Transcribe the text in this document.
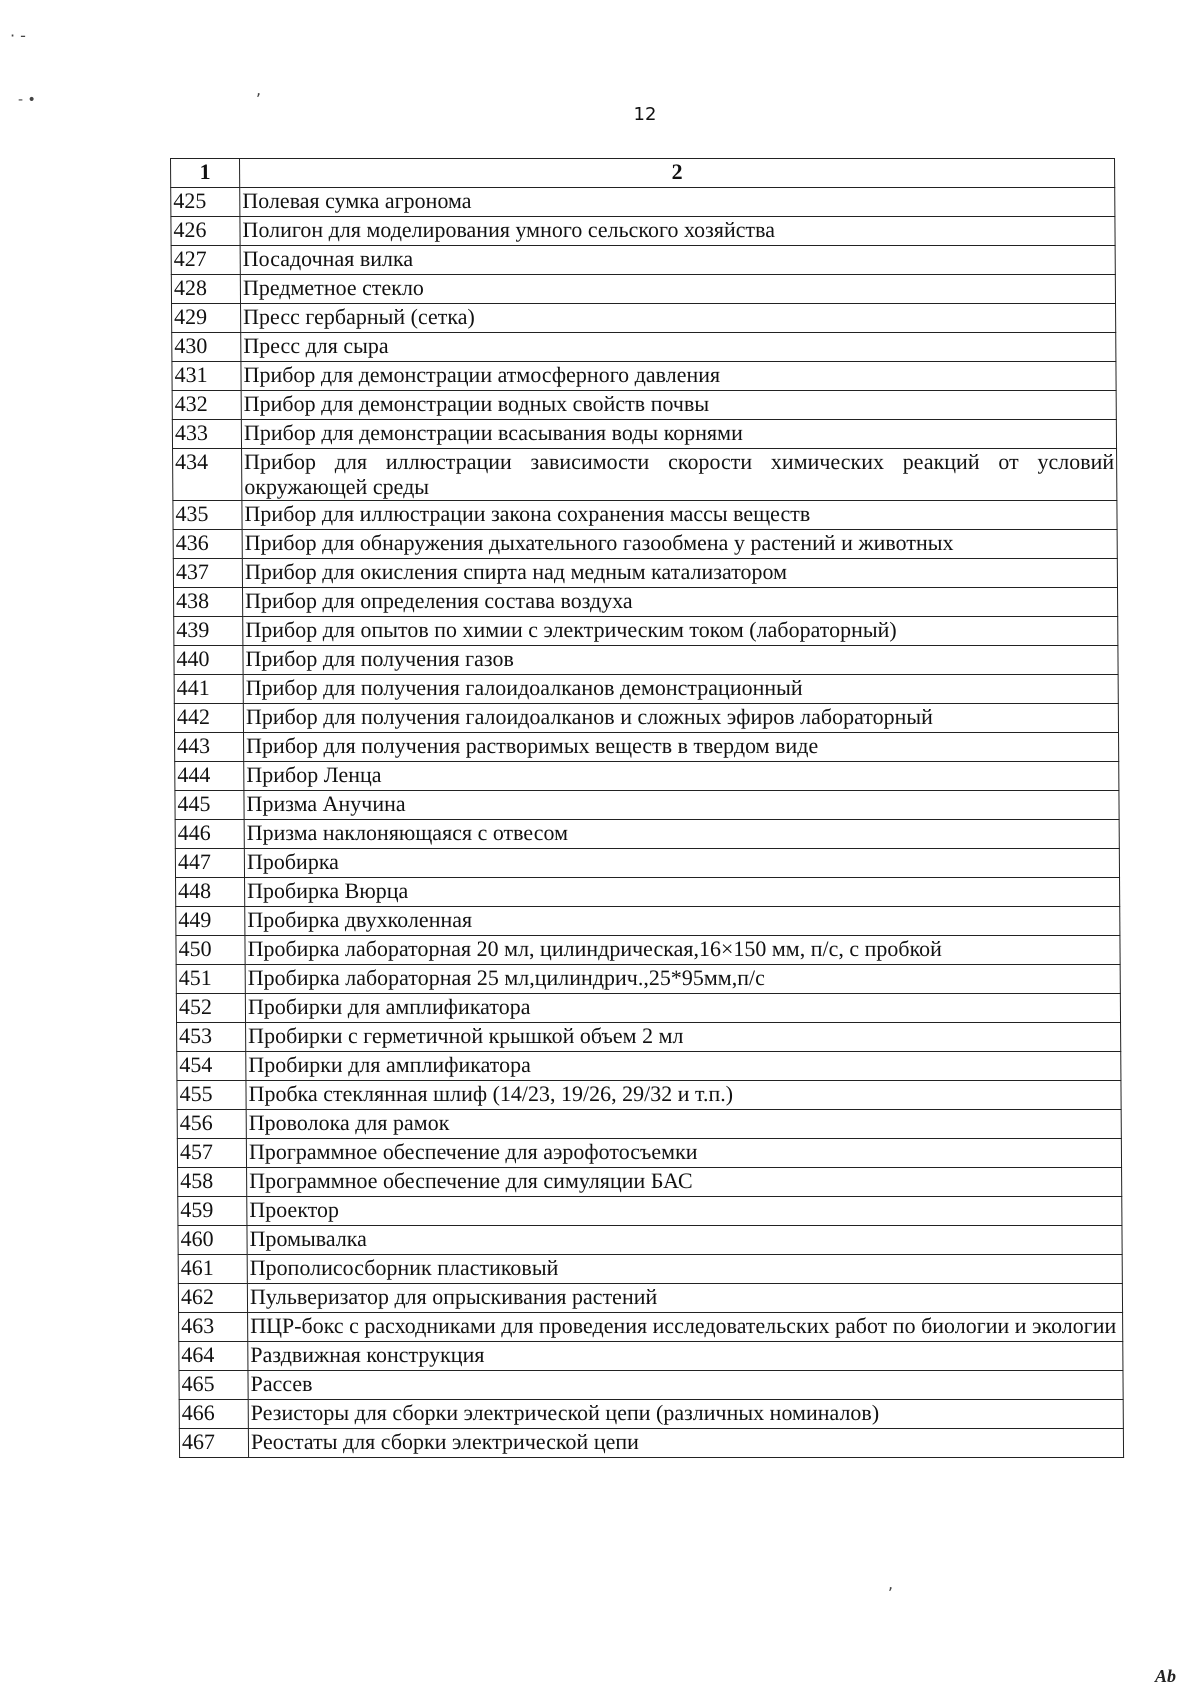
· -
- •
,
,
12
1	2
425	Полевая сумка агронома
426	Полигон для моделирования умного сельского хозяйства
427	Посадочная вилка
428	Предметное стекло
429	Пресс гербарный (сетка)
430	Пресс для сыра
431	Прибор для демонстрации атмосферного давления
432	Прибор для демонстрации водных свойств почвы
433	Прибор для демонстрации всасывания воды корнями
434	Прибор для иллюстрации зависимости скорости химических реакций от условий окружающей среды
435	Прибор для иллюстрации закона сохранения массы веществ
436	Прибор для обнаружения дыхательного газообмена у растений и животных
437	Прибор для окисления спирта над медным катализатором
438	Прибор для определения состава воздуха
439	Прибор для опытов по химии с электрическим током (лабораторный)
440	Прибор для получения газов
441	Прибор для получения галоидоалканов демонстрационный
442	Прибор для получения галоидоалканов и сложных эфиров лабораторный
443	Прибор для получения растворимых веществ в твердом виде
444	Прибор Ленца
445	Призма Анучина
446	Призма наклоняющаяся с отвесом
447	Пробирка
448	Пробирка Вюрца
449	Пробирка двухколенная
450	Пробирка лабораторная 20 мл, цилиндрическая,16×150 мм, п/с, с пробкой
451	Пробирка лабораторная 25 мл,цилиндрич.,25*95мм,п/с
452	Пробирки для амплификатора
453	Пробирки с герметичной крышкой объем 2 мл
454	Пробирки для амплификатора
455	Пробка стеклянная шлиф (14/23, 19/26, 29/32 и т.п.)
456	Проволока для рамок
457	Программное обеспечение для аэрофотосъемки
458	Программное обеспечение для симуляции БАС
459	Проектор
460	Промывалка
461	Прополисосборник пластиковый
462	Пульверизатор для опрыскивания растений
463	ПЦР-бокс с расходниками для проведения исследовательских работ по биологии и экологии
464	Раздвижная конструкция
465	Рассев
466	Резисторы для сборки электрической цепи (различных номиналов)
467	Реостаты для сборки электрической цепи
Ab
